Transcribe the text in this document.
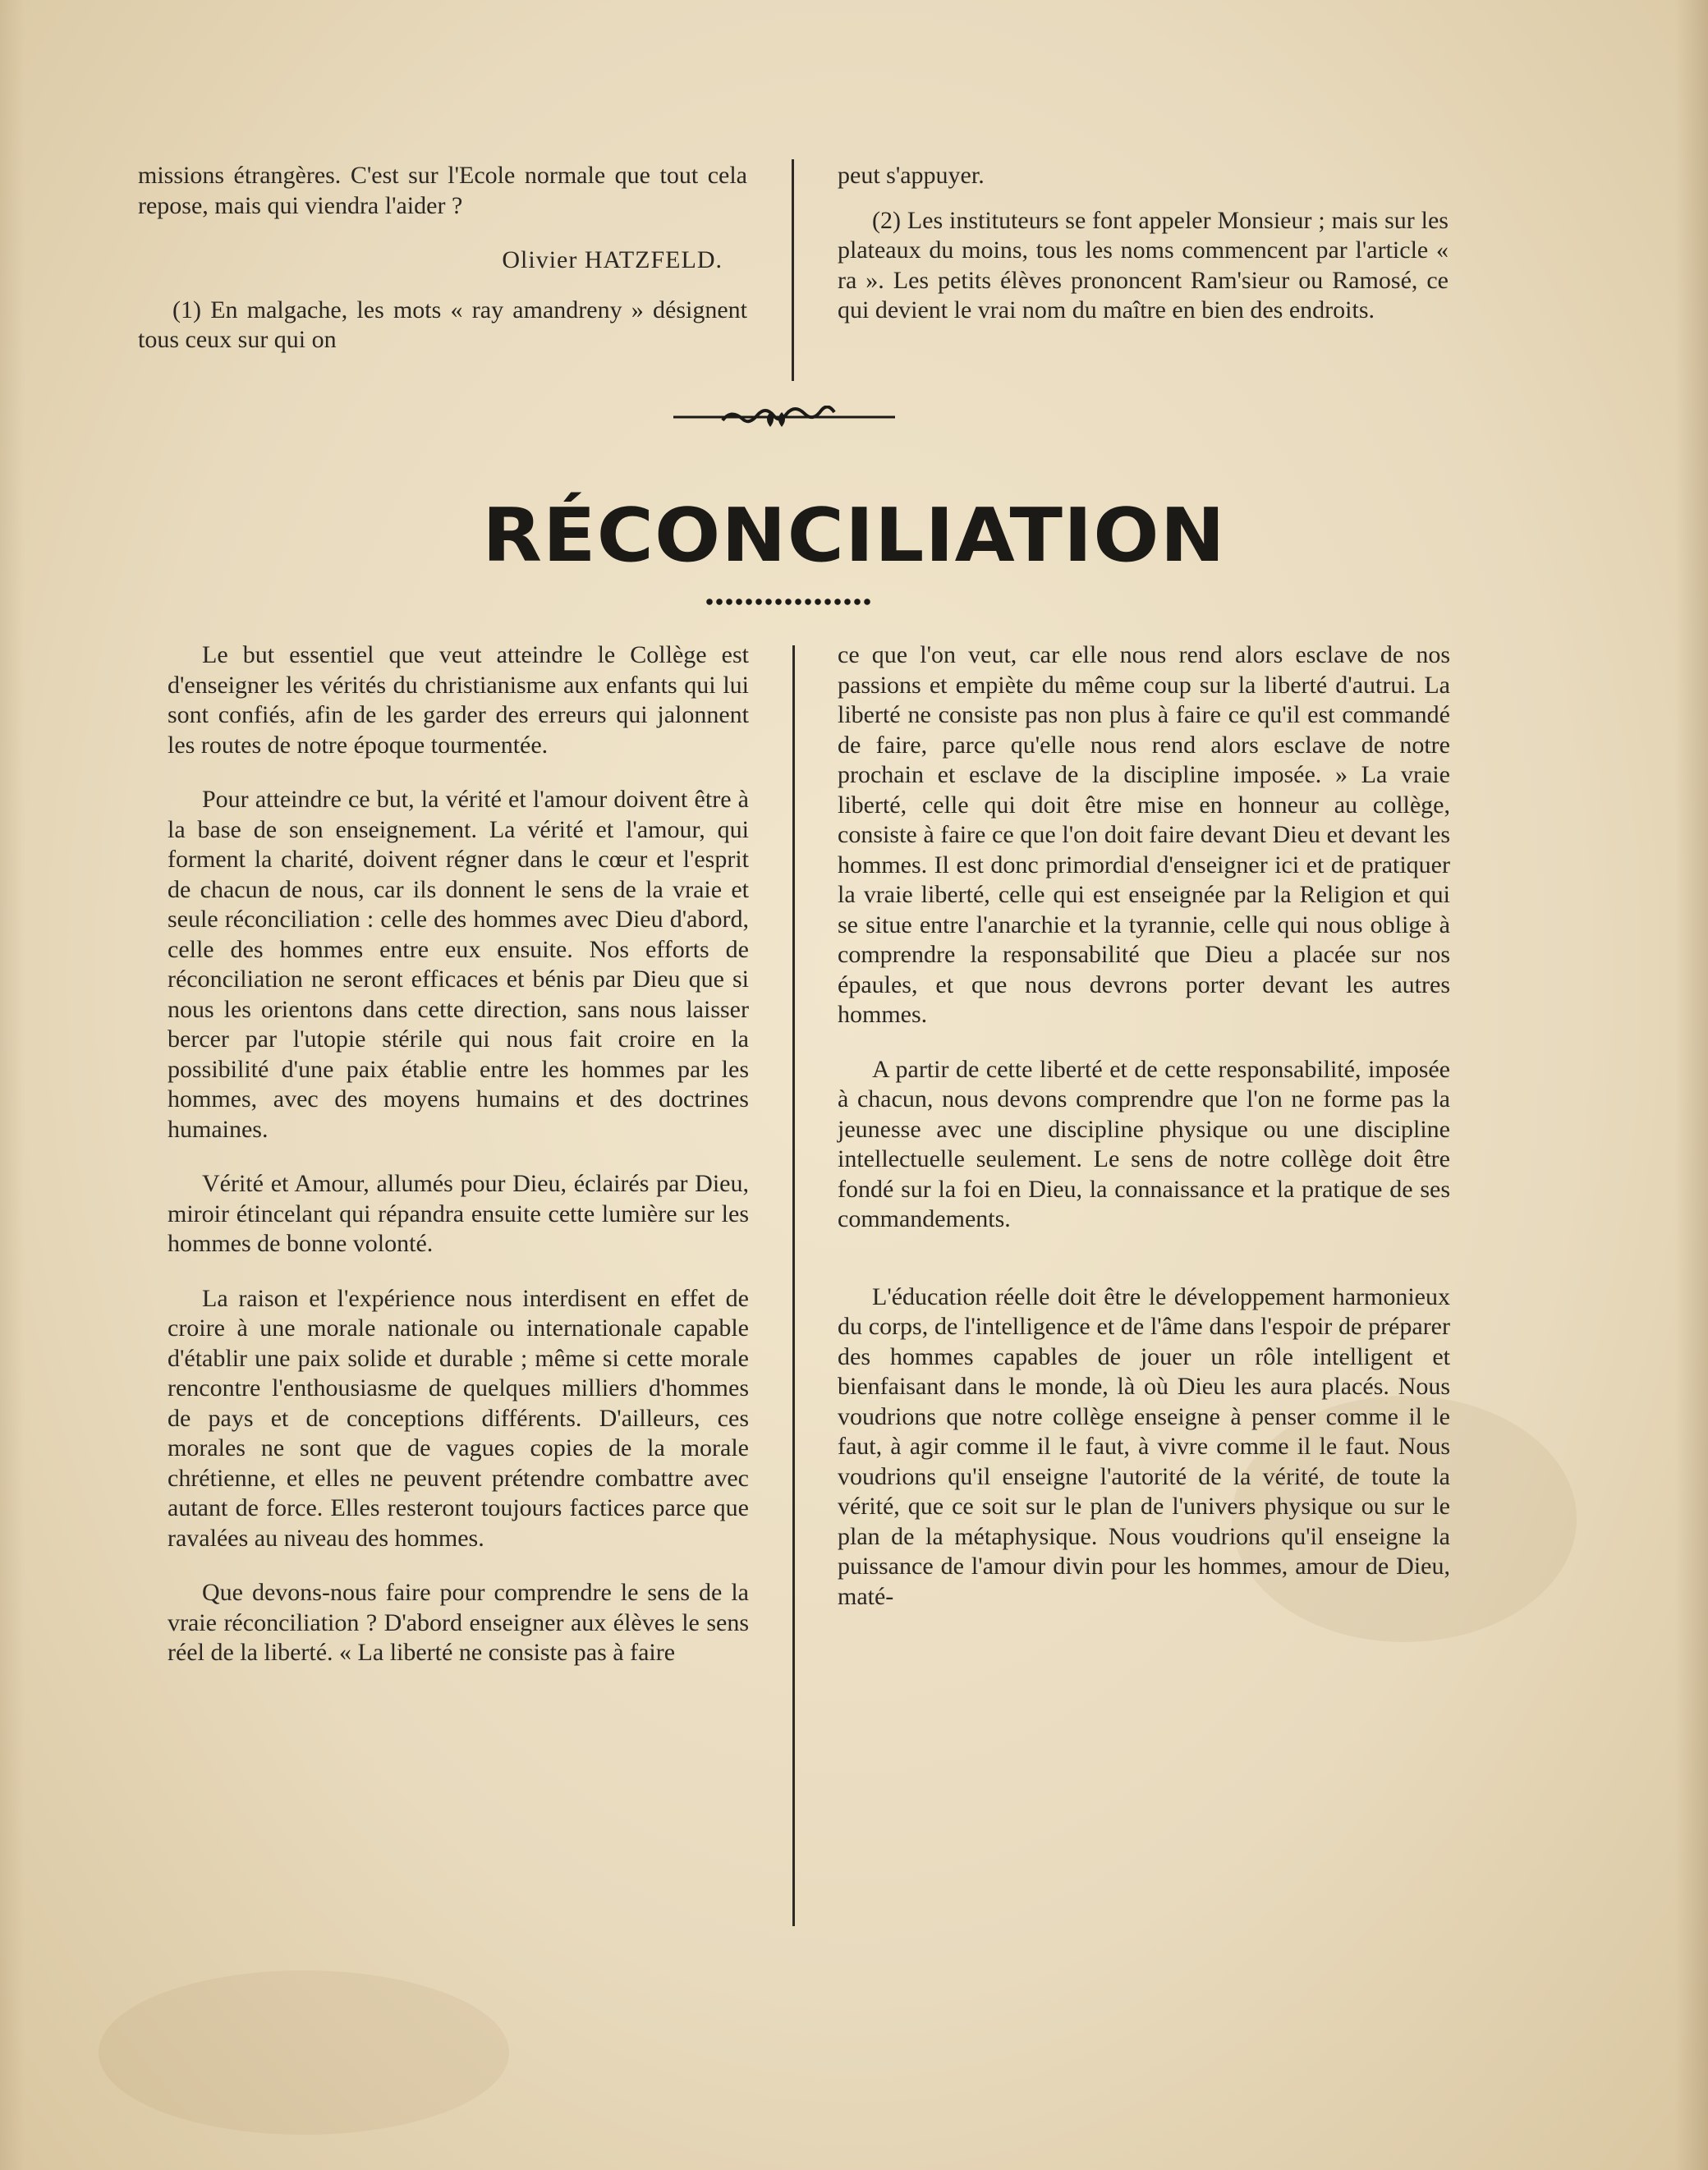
missions étrangères. C'est sur l'Ecole normale que tout cela repose, mais qui viendra l'aider ?

Olivier HATZFELD.

(1) En malgache, les mots « ray amandreny » désignent tous ceux sur qui on

peut s'appuyer.

(2) Les instituteurs se font appeler Monsieur ; mais sur les plateaux du moins, tous les noms commencent par l'article « ra ». Les petits élèves prononcent Ram'sieur ou Ramosé, ce qui devient le vrai nom du maître en bien des endroits.

RÉCONCILIATION

Le but essentiel que veut atteindre le Collège est d'enseigner les vérités du christianisme aux enfants qui lui sont confiés, afin de les garder des erreurs qui jalonnent les routes de notre époque tourmentée.

Pour atteindre ce but, la vérité et l'amour doivent être à la base de son enseignement. La vérité et l'amour, qui forment la charité, doivent régner dans le cœur et l'esprit de chacun de nous, car ils donnent le sens de la vraie et seule réconciliation : celle des hommes avec Dieu d'abord, celle des hommes entre eux ensuite. Nos efforts de réconciliation ne seront efficaces et bénis par Dieu que si nous les orientons dans cette direction, sans nous laisser bercer par l'utopie stérile qui nous fait croire en la possibilité d'une paix établie entre les hommes par les hommes, avec des moyens humains et des doctrines humaines.

Vérité et Amour, allumés pour Dieu, éclairés par Dieu, miroir étincelant qui répandra ensuite cette lumière sur les hommes de bonne volonté.

La raison et l'expérience nous interdisent en effet de croire à une morale nationale ou internationale capable d'établir une paix solide et durable ; même si cette morale rencontre l'enthousiasme de quelques milliers d'hommes de pays et de conceptions différents. D'ailleurs, ces morales ne sont que de vagues copies de la morale chrétienne, et elles ne peuvent prétendre combattre avec autant de force. Elles resteront toujours factices parce que ravalées au niveau des hommes.

Que devons-nous faire pour comprendre le sens de la vraie réconciliation ? D'abord enseigner aux élèves le sens réel de la liberté. « La liberté ne consiste pas à faire

ce que l'on veut, car elle nous rend alors esclave de nos passions et empiète du même coup sur la liberté d'autrui. La liberté ne consiste pas non plus à faire ce qu'il est commandé de faire, parce qu'elle nous rend alors esclave de notre prochain et esclave de la discipline imposée. » La vraie liberté, celle qui doit être mise en honneur au collège, consiste à faire ce que l'on doit faire devant Dieu et devant les hommes. Il est donc primordial d'enseigner ici et de pratiquer la vraie liberté, celle qui est enseignée par la Religion et qui se situe entre l'anarchie et la tyrannie, celle qui nous oblige à comprendre la responsabilité que Dieu a placée sur nos épaules, et que nous devrons porter devant les autres hommes.

A partir de cette liberté et de cette responsabilité, imposée à chacun, nous devons comprendre que l'on ne forme pas la jeunesse avec une discipline physique ou une discipline intellectuelle seulement. Le sens de notre collège doit être fondé sur la foi en Dieu, la connaissance et la pratique de ses commandements.

L'éducation réelle doit être le développement harmonieux du corps, de l'intelligence et de l'âme dans l'espoir de préparer des hommes capables de jouer un rôle intelligent et bienfaisant dans le monde, là où Dieu les aura placés. Nous voudrions que notre collège enseigne à penser comme il le faut, à agir comme il le faut, à vivre comme il le faut. Nous voudrions qu'il enseigne l'autorité de la vérité, de toute la vérité, que ce soit sur le plan de l'univers physique ou sur le plan de la métaphysique. Nous voudrions qu'il enseigne la puissance de l'amour divin pour les hommes, amour de Dieu, maté-
